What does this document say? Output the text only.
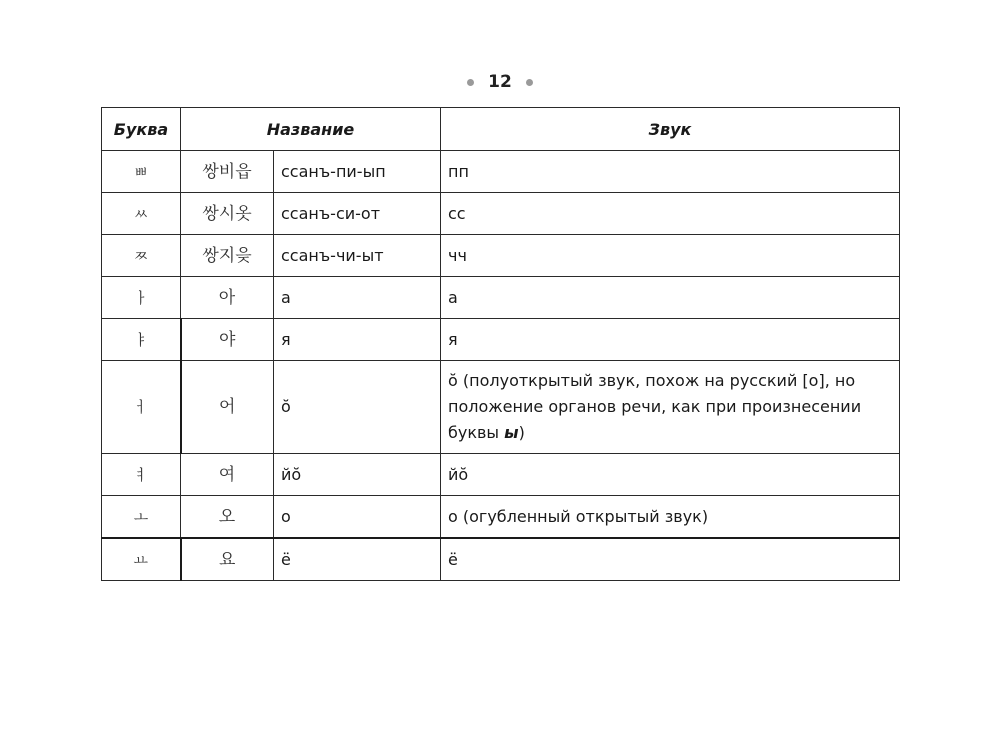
12
Буква	Название		Звук
ㅃ	쌍비읍	ссанъ-пи-ып	пп
ㅆ	쌍시옷	ссанъ-си-от	сс
ㅉ	쌍지읒	ссанъ-чи-ыт	чч
ㅏ	아	а	а
ㅑ	야	я	я
ㅓ	어	ŏ	ŏ (полуоткрытый звук, похож на русский [о], но положение органов речи, как при произнесении буквы ы)
ㅕ	여	йŏ	йŏ
ㅗ	오	о	о (огубленный открытый звук)
ㅛ	요	ё	ё
